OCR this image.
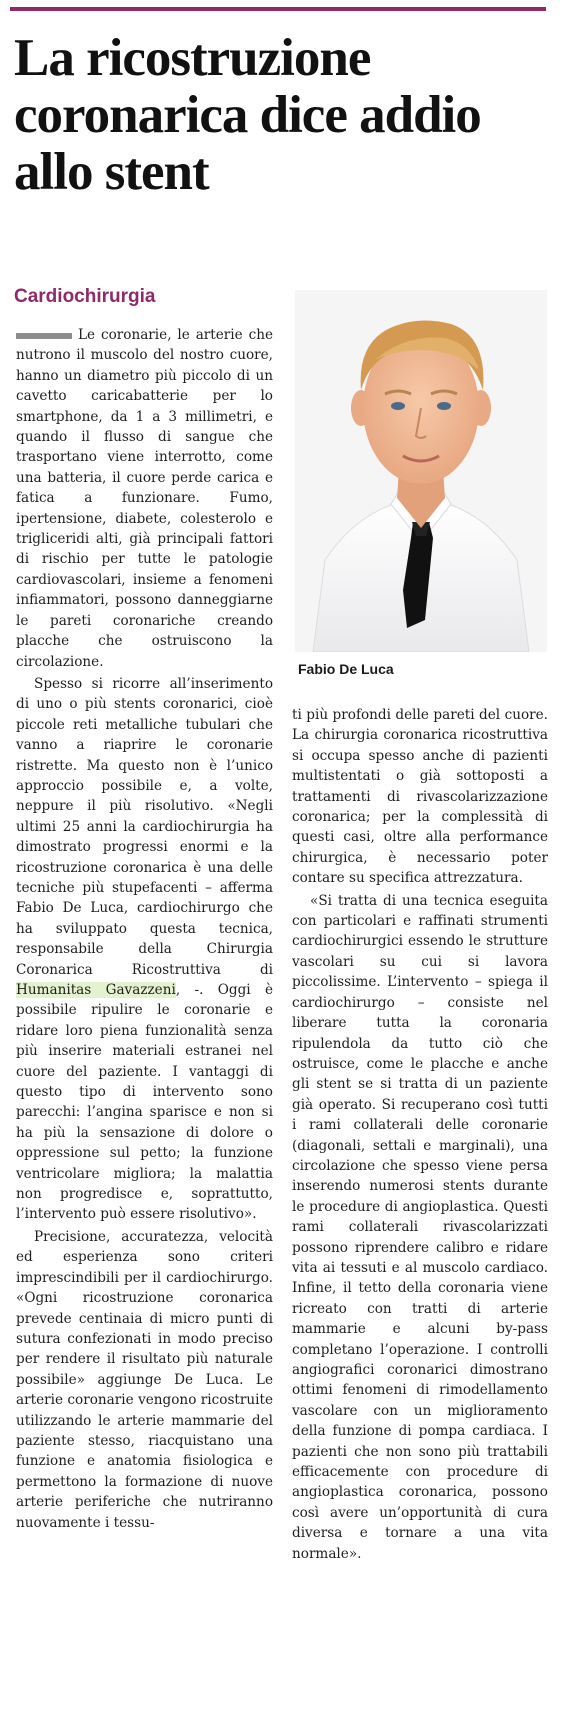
La ricostruzione coronarica dice addio allo stent
Cardiochirurgia

Le coronarie, le arterie che nutrono il muscolo del nostro cuore, hanno un diametro più piccolo di un cavetto caricabatterie per lo smartphone, da 1 a 3 millimetri, e quando il flusso di sangue che trasportano viene interrotto, come una batteria, il cuore perde carica e fatica a funzionare. Fumo, ipertensione, diabete, colesterolo e trigliceridi alti, già principali fattori di rischio per tutte le patologie cardiovascolari, insieme a fenomeni infiammatori, possono danneggiarne le pareti coronariche creando placche che ostruiscono la circolazione.

Spesso si ricorre all’inserimento di uno o più stents coronarici, cioè piccole reti metalliche tubulari che vanno a riaprire le coronarie ristrette. Ma questo non è l’unico approccio possibile e, a volte, neppure il più risolutivo. «Negli ultimi 25 anni la cardiochirurgia ha dimostrato progressi enormi e la ricostruzione coronarica è una delle tecniche più stupefacenti – afferma Fabio De Luca, cardiochirurgo che ha sviluppato questa tecnica, responsabile della Chirurgia Coronarica Ricostruttiva di Humanitas Gavazzeni, -. Oggi è possibile ripulire le coronarie e ridare loro piena funzionalità senza più inserire materiali estranei nel cuore del paziente. I vantaggi di questo tipo di intervento sono parecchi: l’angina sparisce e non si ha più la sensazione di dolore o oppressione sul petto; la funzione ventricolare migliora; la malattia non progredisce e, soprattutto, l’intervento può essere risolutivo».

Precisione, accuratezza, velocità ed esperienza sono criteri imprescindibili per il cardiochirurgo. «Ogni ricostruzione coronarica prevede centinaia di micro punti di sutura confezionati in modo preciso per rendere il risultato più naturale possibile» aggiunge De Luca. Le arterie coronarie vengono ricostruite utilizzando le arterie mammarie del paziente stesso, riacquistano una funzione e anatomia fisiologica e permettono la formazione di nuove arterie periferiche che nutriranno nuovamente i tessu-

Fabio De Luca

ti più profondi delle pareti del cuore. La chirurgia coronarica ricostruttiva si occupa spesso anche di pazienti multistentati o già sottoposti a trattamenti di rivascolarizzazione coronarica; per la complessità di questi casi, oltre alla performance chirurgica, è necessario poter contare su specifica attrezzatura.

«Si tratta di una tecnica eseguita con particolari e raffinati strumenti cardiochirurgici essendo le strutture vascolari su cui si lavora piccolissime. L’intervento – spiega il cardiochirurgo – consiste nel liberare tutta la coronaria ripulendola da tutto ciò che ostruisce, come le placche e anche gli stent se si tratta di un paziente già operato. Si recuperano così tutti i rami collaterali delle coronarie (diagonali, settali e marginali), una circolazione che spesso viene persa inserendo numerosi stents durante le procedure di angioplastica. Questi rami collaterali rivascolarizzati possono riprendere calibro e ridare vita ai tessuti e al muscolo cardiaco. Infine, il tetto della coronaria viene ricreato con tratti di arterie mammarie e alcuni by-pass completano l’operazione. I controlli angiografici coronarici dimostrano ottimi fenomeni di rimodellamento vascolare con un miglioramento della funzione di pompa cardiaca. I pazienti che non sono più trattabili efficacemente con procedure di angioplastica coronarica, possono così avere un’opportunità di cura diversa e tornare a una vita normale».
